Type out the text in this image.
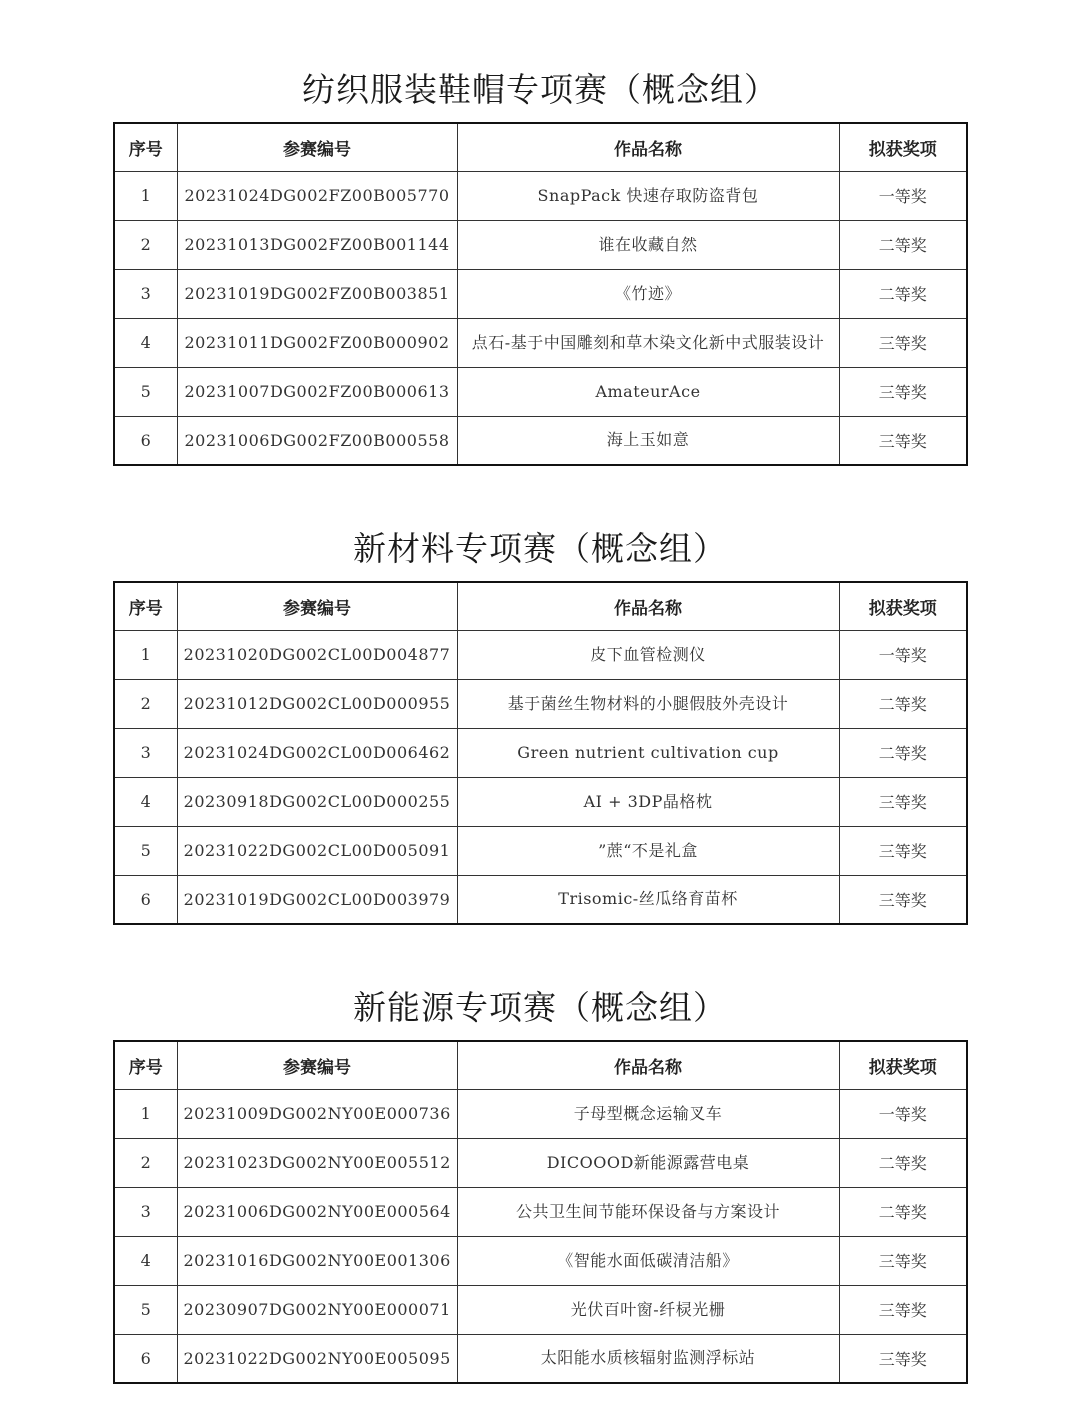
纺织服装鞋帽专项赛（概念组）
序号	参赛编号	作品名称	拟获奖项
1	20231024DG002FZ00B005770	SnapPack 快速存取防盗背包	一等奖
2	20231013DG002FZ00B001144	谁在收藏自然	二等奖
3	20231019DG002FZ00B003851	《竹迹》	二等奖
4	20231011DG002FZ00B000902	点石-基于中国雕刻和草木染文化新中式服装设计	三等奖
5	20231007DG002FZ00B000613	AmateurAce	三等奖
6	20231006DG002FZ00B000558	海上玉如意	三等奖
新材料专项赛（概念组）
序号	参赛编号	作品名称	拟获奖项
1	20231020DG002CL00D004877	皮下血管检测仪	一等奖
2	20231012DG002CL00D000955	基于菌丝生物材料的小腿假肢外壳设计	二等奖
3	20231024DG002CL00D006462	Green nutrient cultivation cup	二等奖
4	20230918DG002CL00D000255	AI + 3DP晶格枕	三等奖
5	20231022DG002CL00D005091	”蔗“不是礼盒	三等奖
6	20231019DG002CL00D003979	Trisomic-丝瓜络育苗杯	三等奖
新能源专项赛（概念组）
序号	参赛编号	作品名称	拟获奖项
1	20231009DG002NY00E000736	子母型概念运输叉车	一等奖
2	20231023DG002NY00E005512	DICOOOD新能源露营电桌	二等奖
3	20231006DG002NY00E000564	公共卫生间节能环保设备与方案设计	二等奖
4	20231016DG002NY00E001306	《智能水面低碳清洁船》	三等奖
5	20230907DG002NY00E000071	光伏百叶窗-纤棂光栅	三等奖
6	20231022DG002NY00E005095	太阳能水质核辐射监测浮标站	三等奖
